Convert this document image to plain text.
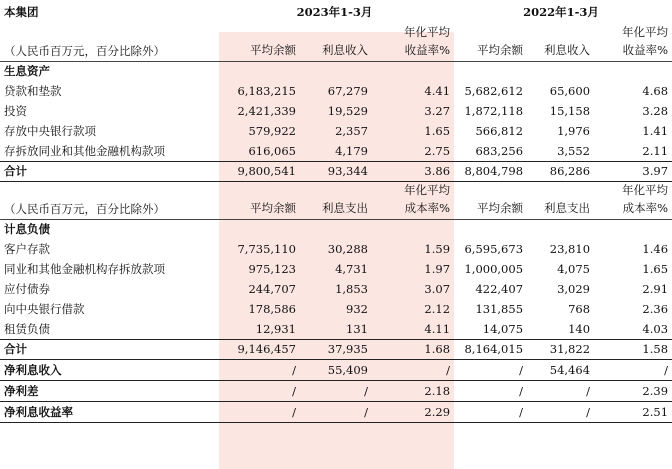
本集团	2023年1-3月			2022年1-3月		
			年化平均			年化平均
（人民币百万元，百分比除外）	平均余额	利息收入	收益率%	平均余额	利息收入	收益率%
生息资产						
贷款和垫款	6,183,215	67,279	4.41	5,682,612	65,600	4.68
投资	2,421,339	19,529	3.27	1,872,118	15,158	3.28
存放中央银行款项	579,922	2,357	1.65	566,812	1,976	1.41
存拆放同业和其他金融机构款项	616,065	4,179	2.75	683,256	3,552	2.11
合计	9,800,541	93,344	3.86	8,804,798	86,286	3.97
			年化平均			年化平均
（人民币百万元，百分比除外）	平均余额	利息支出	成本率%	平均余额	利息支出	成本率%
计息负债						
客户存款	7,735,110	30,288	1.59	6,595,673	23,810	1.46
同业和其他金融机构存拆放款项	975,123	4,731	1.97	1,000,005	4,075	1.65
应付债券	244,707	1,853	3.07	422,407	3,029	2.91
向中央银行借款	178,586	932	2.12	131,855	768	2.36
租赁负债	12,931	131	4.11	14,075	140	4.03
合计	9,146,457	37,935	1.68	8,164,015	31,822	1.58
净利息收入	/	55,409	/	/	54,464	/
净利差	/	/	2.18	/	/	2.39
净利息收益率	/	/	2.29	/	/	2.51
